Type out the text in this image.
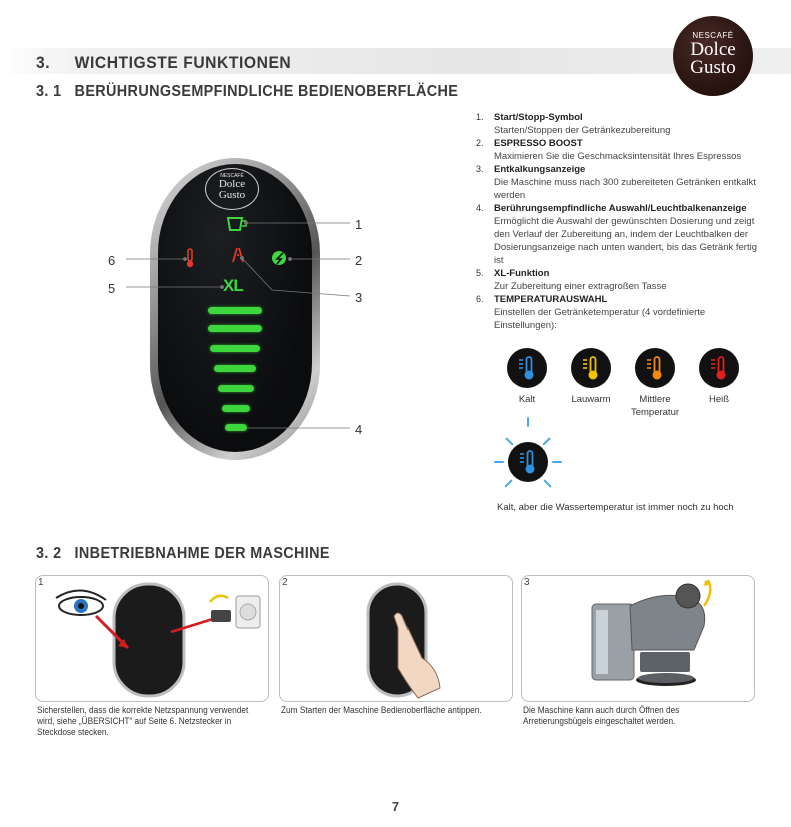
3. WICHTIGSTE FUNKTIONEN
3. 1 BERÜHRUNGSEMPFINDLICHE BEDIENOBERFLÄCHE
NESCAFÉ
Dolce
Gusto
NESCAFÉ
Dolce
Gusto
XL
1
2
3
4
5
6
1. Start/Stopp-Symbol
Starten/Stoppen der Getränkezubereitung
2. ESPRESSO BOOST
Maximieren Sie die Geschmacksintensität Ihres Espressos
3. Entkalkungsanzeige
Die Maschine muss nach 300 zubereiteten Getränken entkalkt werden
4. Berührungsempfindliche Auswahl/Leuchtbalkenanzeige
Ermöglicht die Auswahl der gewünschten Dosierung und zeigt den Verlauf der Zubereitung an, indem der Leuchtbalken der Dosierungsanzeige nach unten wandert, bis das Getränk fertig ist
5. XL-Funktion
Zur Zubereitung einer extragroßen Tasse
6. TEMPERATURAUSWAHL
Einstellen der Getränketemperatur (4 vordefinierte Einstellungen):
Kalt	Lauwarm	Mittlere Temperatur
Heiß
Kalt, aber die Wassertemperatur ist immer noch zu hoch
3. 2 INBETRIEBNAHME DER MASCHINE
1
Sicherstellen, dass die korrekte Netzspannung verwendet wird, siehe „ÜBERSICHT“ auf Seite 6. Netzstecker in Steckdose stecken.
2
Zum Starten der Maschine Bedienoberfläche antippen.
3
Die Maschine kann auch durch Öffnen des Arretierungsbügels eingeschaltet werden.
7
